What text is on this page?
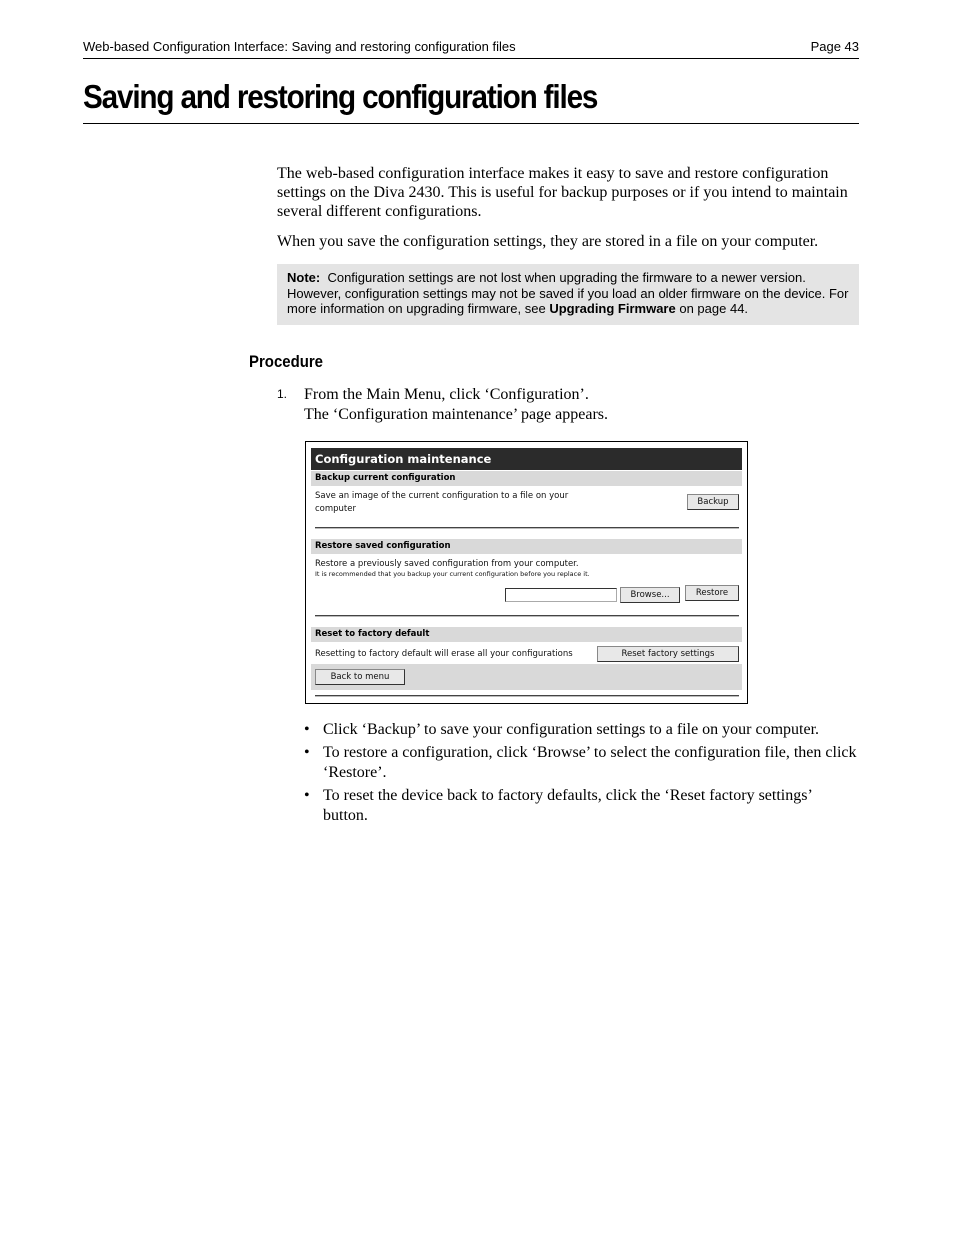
Web-based Configuration Interface: Saving and restoring configuration files	Page 43
Saving and restoring configuration files

The web-based configuration interface makes it easy to save and restore configuration settings on the Diva 2430. This is useful for backup purposes or if you intend to maintain several different configurations.

When you save the configuration settings, they are stored in a file on your computer.

Note: Configuration settings are not lost when upgrading the firmware to a newer version. However, configuration settings may not be saved if you load an older firmware on the device. For more information on upgrading firmware, see Upgrading Firmware on page 44.
Procedure
1. From the Main Menu, click ‘Configuration’.
The ‘Configuration maintenance’ page appears.
Configuration maintenance
Backup current configuration
Save an image of the current configuration to a file on your
computer
Backup
Restore saved configuration
Restore a previously saved configuration from your computer.
It is recommended that you backup your current configuration before you replace it.
Browse...	Restore
Reset to factory default
Resetting to factory default will erase all your configurations	Reset factory settings
Back to menu
• Click ‘Backup’ to save your configuration settings to a file on your computer.
• To restore a configuration, click ‘Browse’ to select the configuration file, then click ‘Restore’.
• To reset the device back to factory defaults, click the ‘Reset factory settings’ button.
